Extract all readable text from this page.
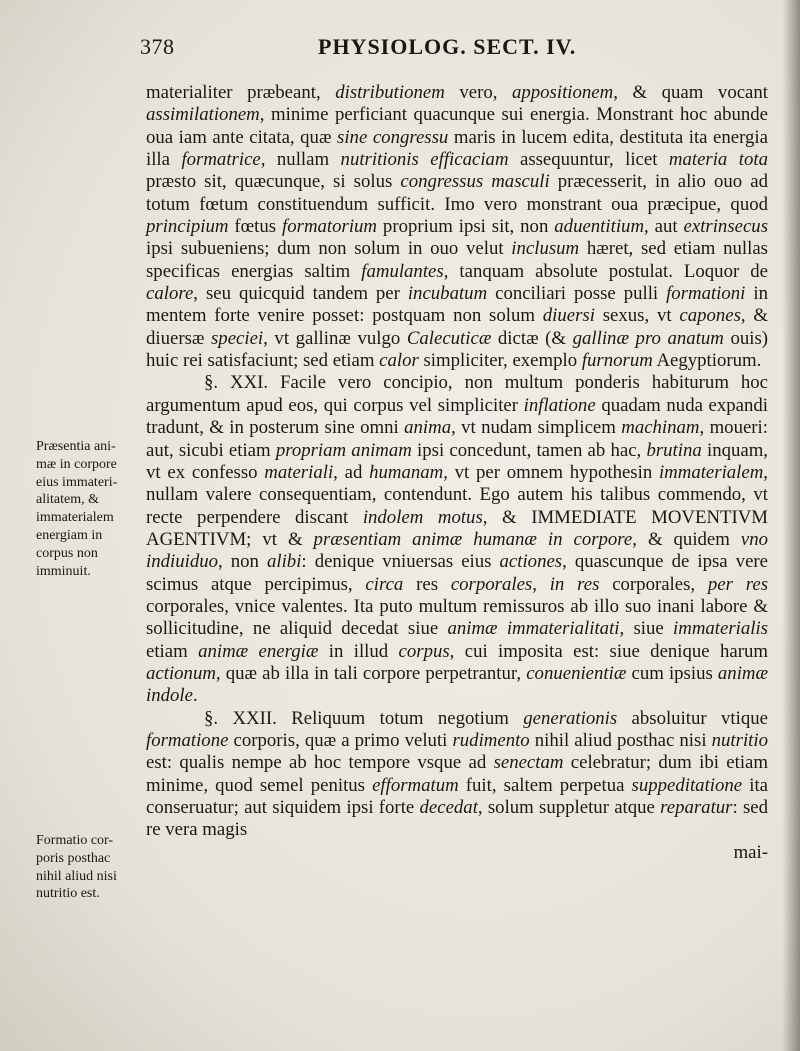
378	PHYSIOLOG. SECT. IV.

materialiter præbeant, distributionem vero, appositionem, & quam vocant assimilationem, minime perficiant quacunque sui energia. Monstrant hoc abunde oua iam ante citata, quæ sine congressu maris in lucem edita, destituta ita energia illa formatrice, nullam nutritionis efficaciam assequuntur, licet materia tota præsto sit, quæcunque, si solus congressus masculi præcesserit, in alio ouo ad totum fœtum constituendum sufficit. Imo vero monstrant oua præcipue, quod principium fœtus formatorium proprium ipsi sit, non aduentitium, aut extrinsecus ipsi subueniens; dum non solum in ouo velut inclusum hæret, sed etiam nullas specificas energias saltim famulantes, tanquam absolute postulat. Loquor de calore, seu quicquid tandem per incubatum conciliari posse pulli formationi in mentem forte venire posset: postquam non solum diuersi sexus, vt capones, & diuersæ speciei, vt gallinæ vulgo Calecuticæ dictæ (& gallinæ pro anatum ouis) huic rei satisfaciunt; sed etiam calor simpliciter, exemplo furnorum Aegyptiorum.

§. XXI. Facile vero concipio, non multum ponderis habiturum hoc argumentum apud eos, qui corpus vel simpliciter inflatione quadam nuda expandi tradunt, & in posterum sine omni anima, vt nudam simplicem machinam, moueri: aut, sicubi etiam propriam animam ipsi concedunt, tamen ab hac, brutina inquam, vt ex confesso materiali, ad humanam, vt per omnem hypothesin immaterialem, nullam valere consequentiam, contendunt. Ego autem his talibus commendo, vt recte perpendere discant indolem motus, & IMMEDIATE MOVENTIVM AGENTIVM; vt & præsentiam animæ humanæ in corpore, & quidem vno indiuiduo, non alibi: denique vniuersas eius actiones, quascunque de ipsa vere scimus atque percipimus, circa res corporales, in res corporales, per res corporales, vnice valentes. Ita puto multum remissuros ab illo suo inani labore & sollicitudine, ne aliquid decedat siue animæ immaterialitati, siue immaterialis etiam animæ energiæ in illud corpus, cui imposita est: siue denique harum actionum, quæ ab illa in tali corpore perpetrantur, conuenientiæ cum ipsius animæ indole.

§. XXII. Reliquum totum negotium generationis absoluitur vtique formatione corporis, quæ a primo veluti rudimento nihil aliud posthac nisi nutritio est: qualis nempe ab hoc tempore vsque ad senectam celebratur; dum ibi etiam minime, quod semel penitus efformatum fuit, saltem perpetua suppeditatione ita conseruatur; aut siquidem ipsi forte decedat, solum suppletur atque reparatur: sed re vera magis

mai-

Præsentia ani-
mæ in corpore
eius immateri-
alitatem, &
immaterialem
energiam in
corpus non
imminuit.
Formatio cor-
poris posthac
nihil aliud nisi
nutritio est.
